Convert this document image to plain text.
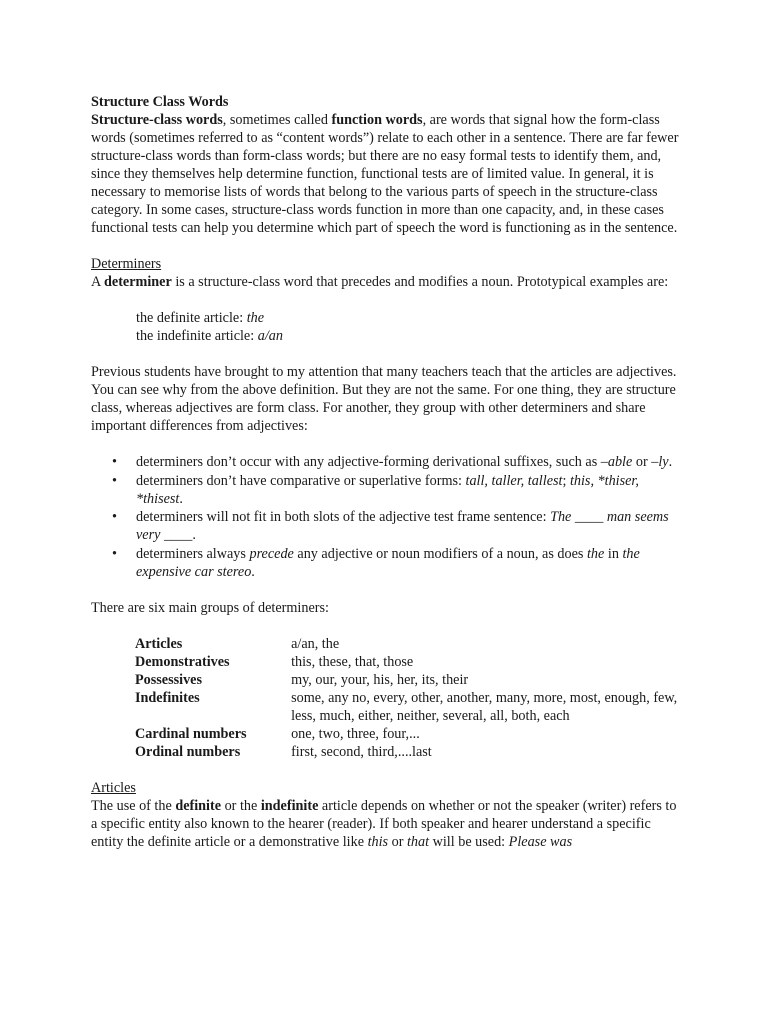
Structure Class Words

Structure-class words, sometimes called function words, are words that signal how the form-class words (sometimes referred to as “content words”) relate to each other in a sentence. There are far fewer structure-class words than form-class words; but there are no easy formal tests to identify them, and, since they themselves help determine function, functional tests are of limited value. In general, it is necessary to memorise lists of words that belong to the various parts of speech in the structure-class category. In some cases, structure-class words function in more than one capacity, and, in these cases functional tests can help you determine which part of speech the word is functioning as in the sentence.

Determiners

A determiner is a structure-class word that precedes and modifies a noun. Prototypical examples are:

the definite article: the

the indefinite article: a/an

Previous students have brought to my attention that many teachers teach that the articles are adjectives. You can see why from the above definition. But they are not the same. For one thing, they are structure class, whereas adjectives are form class. For another, they group with other determiners and share important differences from adjectives:

• determiners don’t occur with any adjective-forming derivational suffixes, such as –able or –ly.
• determiners don’t have comparative or superlative forms: tall, taller, tallest; this, *thiser, *thisest.
• determiners will not fit in both slots of the adjective test frame sentence: The ____ man seems very ____.
• determiners always precede any adjective or noun modifiers of a noun, as does the in the expensive car stereo.

There are six main groups of determiners:

Articles	a/an, the
Demonstratives	this, these, that, those
Possessives	my, our, your, his, her, its, their
Indefinites	some, any no, every, other, another, many, more, most, enough, few, less, much, either, neither, several, all, both, each
Cardinal numbers	one, two, three, four,...
Ordinal numbers	first, second, third,....last

Articles

The use of the definite or the indefinite article depends on whether or not the speaker (writer) refers to a specific entity also known to the hearer (reader). If both speaker and hearer understand a specific entity the definite article or a demonstrative like this or that will be used: Please was
